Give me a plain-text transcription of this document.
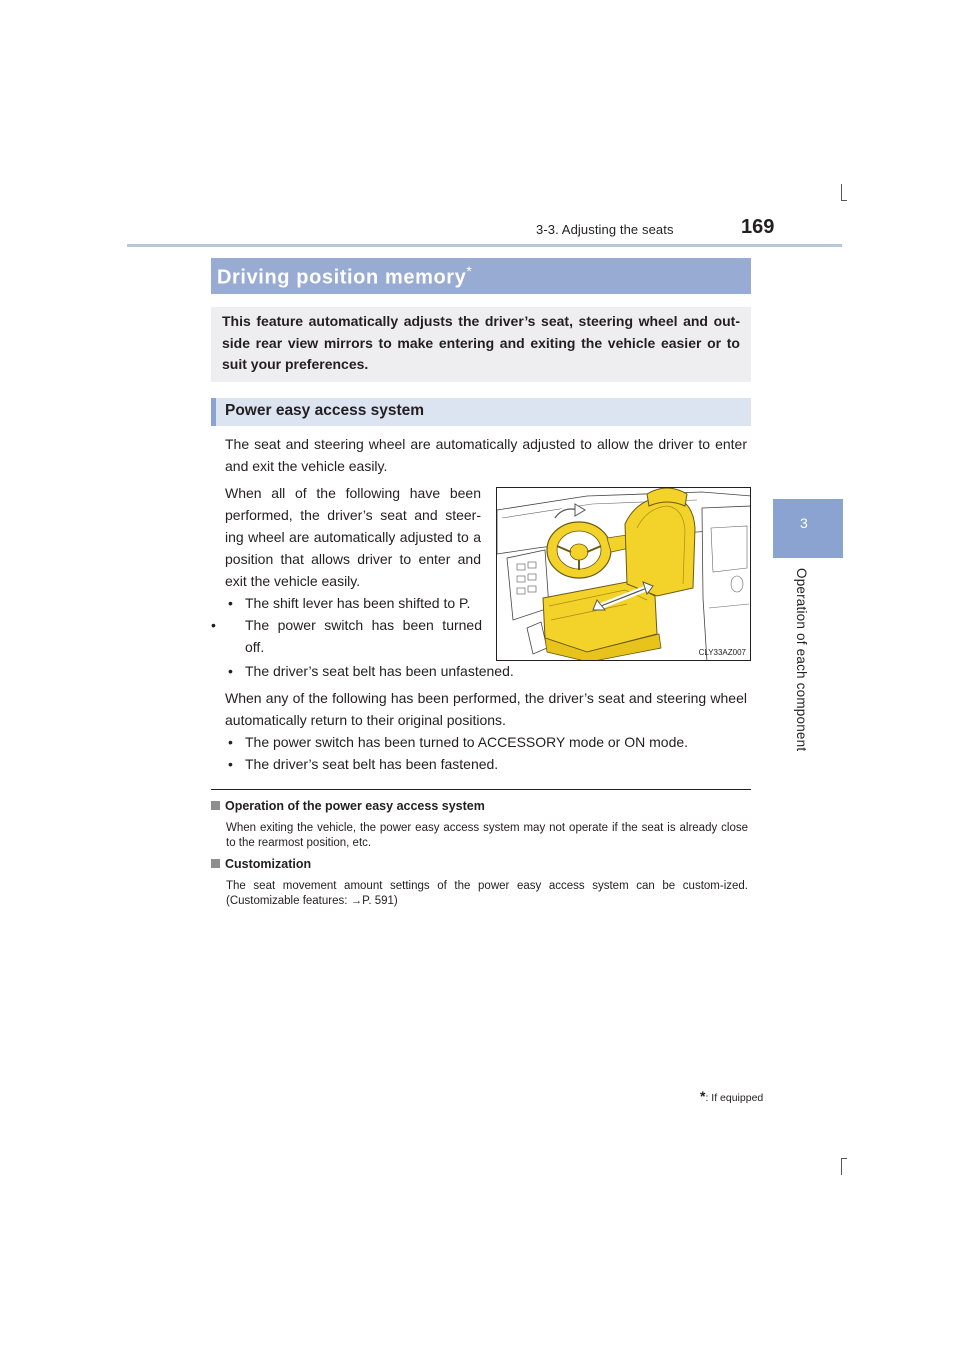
3-3. Adjusting the seats	169
3
Operation of each component
Driving position memory*

This feature automatically adjusts the driver’s seat, steering wheel and out-side rear view mirrors to make entering and exiting the vehicle easier or to suit your preferences.

Power easy access system
The seat and steering wheel are automatically adjusted to allow the driver to enter and exit the vehicle easily.
When all of the following have been performed, the driver’s seat and steer-ing wheel are automatically adjusted to a position that allows driver to enter and exit the vehicle easily.
• The shift lever has been shifted to P.
• The power switch has been turned off.
• The driver’s seat belt has been unfastened.
When any of the following has been performed, the driver’s seat and steering wheel automatically return to their original positions.
• The power switch has been turned to ACCESSORY mode or ON mode.
• The driver’s seat belt has been fastened.
CLY33AZ007
Operation of the power easy access system
When exiting the vehicle, the power easy access system may not operate if the seat is already close to the rearmost position, etc.
Customization
The seat movement amount settings of the power easy access system can be custom-ized. (Customizable features: →P. 591)
*: If equipped
